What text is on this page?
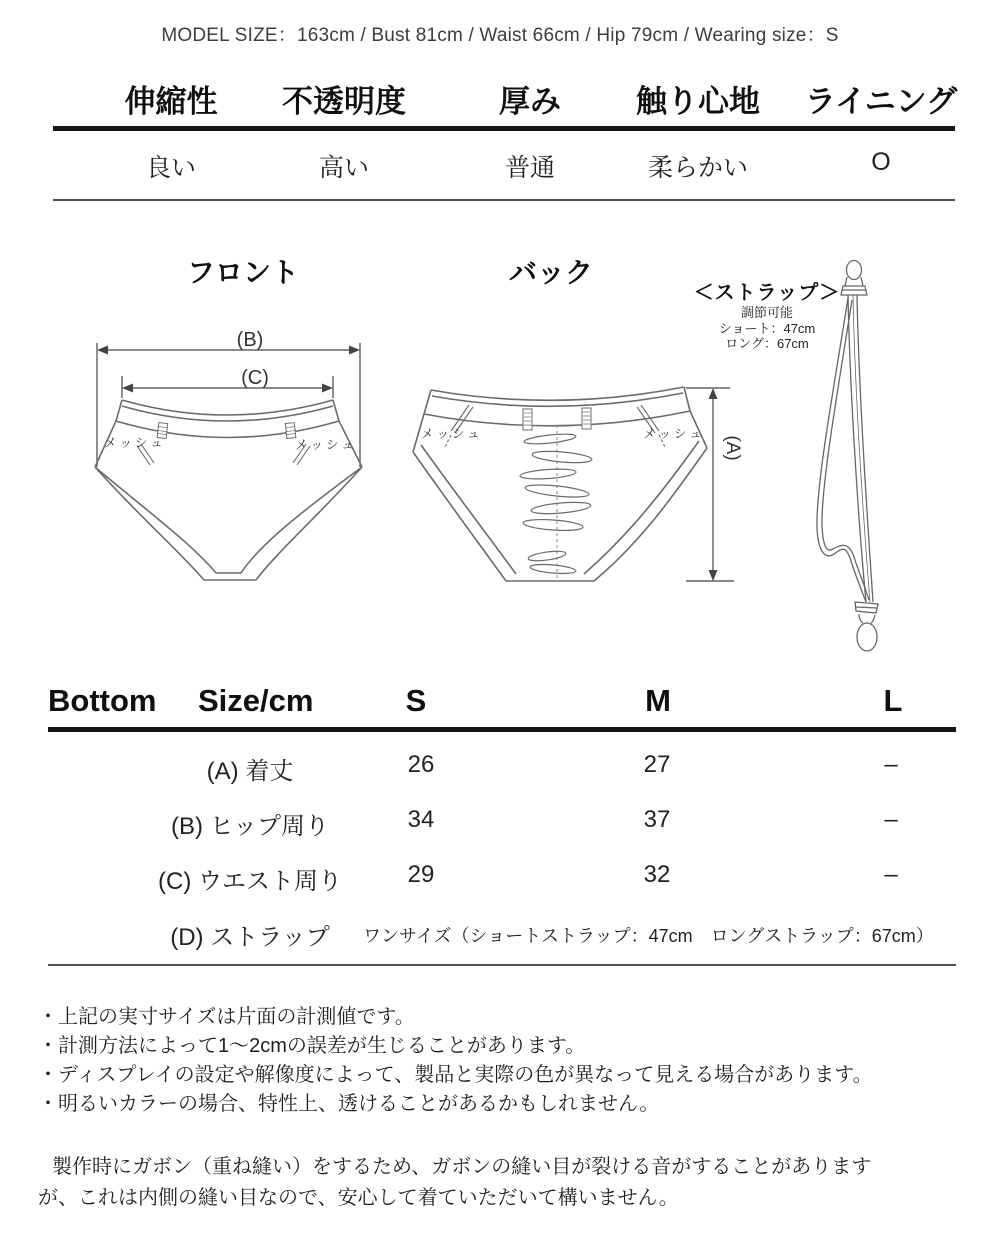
MODEL SIZE：163cm / Bust 81cm / Waist 66cm / Hip 79cm / Wearing size：S
伸縮性	不透明度	厚み	触り心地	ライニング
良い	高い	普通	柔らかい	O
フロント	バック
＜ストラップ＞
調節可能
ショート：47cm
ロング：67cm
(B)
(C)
メッシュ	メッシュ	(A)
メッシュ	メッシュ
Bottom Size/cm	S	M	L
(A) 着丈	26	27	–
(B) ヒップ周り	34	37	–
(C) ウエスト周り	29	32	–
(D) ストラップ	ワンサイズ（ショートストラップ：47cm　ロングストラップ：67cm）
・上記の実寸サイズは片面の計測値です。
・計測方法によって1〜2cmの誤差が生じることがあります。
・ディスプレイの設定や解像度によって、製品と実際の色が異なって見える場合があります。
・明るいカラーの場合、特性上、透けることがあるかもしれません。
製作時にガボン（重ね縫い）をするため、ガボンの縫い目が裂ける音がすることがあります
が、これは内側の縫い目なので、安心して着ていただいて構いません。
